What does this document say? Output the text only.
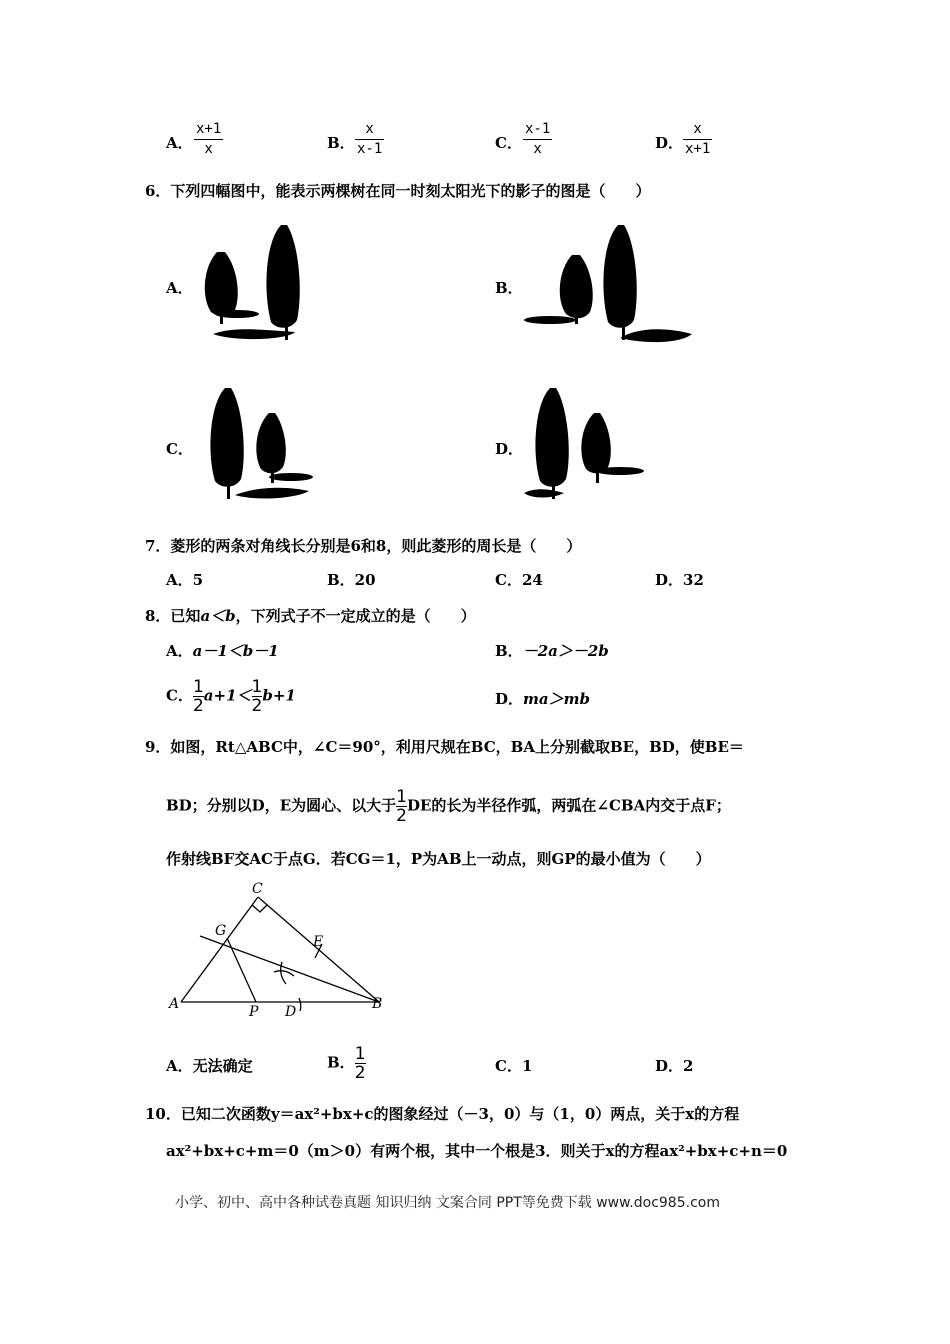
A．
x+1
x	B．
x
x-1	C．
x-1
x	D．
x
x+1
6．下列四幅图中，能表示两棵树在同一时刻太阳光下的影子的图是（　　）
A．	B．
C．	D．
7．菱形的两条对角线长分别是6和8，则此菱形的周长是（　　）
A．5	B．20	C．24	D．32
8．已知a＜b，下列式子不一定成立的是（　　）
A．a－1＜b－1	B．－2a＞－2b
C． $\frac{1}{2} a+1< \frac{1}{2} b+1$	D．ma＞mb
9．如图，Rt△ABC中，∠C＝90°，利用尺规在BC，BA上分别截取BE，BD，使BE＝
BD；分别以D，E为圆心、以大于 $\frac{1}{2}$ DE的长为半径作弧，两弧在∠CBA内交于点F；
作射线BF交AC于点G．若CG＝1，P为AB上一动点，则GP的最小值为（　　）
C
G
E
A	P D	B
A．无法确定	B． $\frac{1}{2}$	C．1	D．2
10．已知二次函数y＝ax²+bx+c的图象经过（－3，0）与（1，0）两点，关于x的方程
ax²+bx+c+m＝0（m＞0）有两个根，其中一个根是3．则关于x的方程ax²+bx+c+n＝0
小学、初中、高中各种试卷真题 知识归纳 文案合同 PPT等免费下载 www.doc985.com
